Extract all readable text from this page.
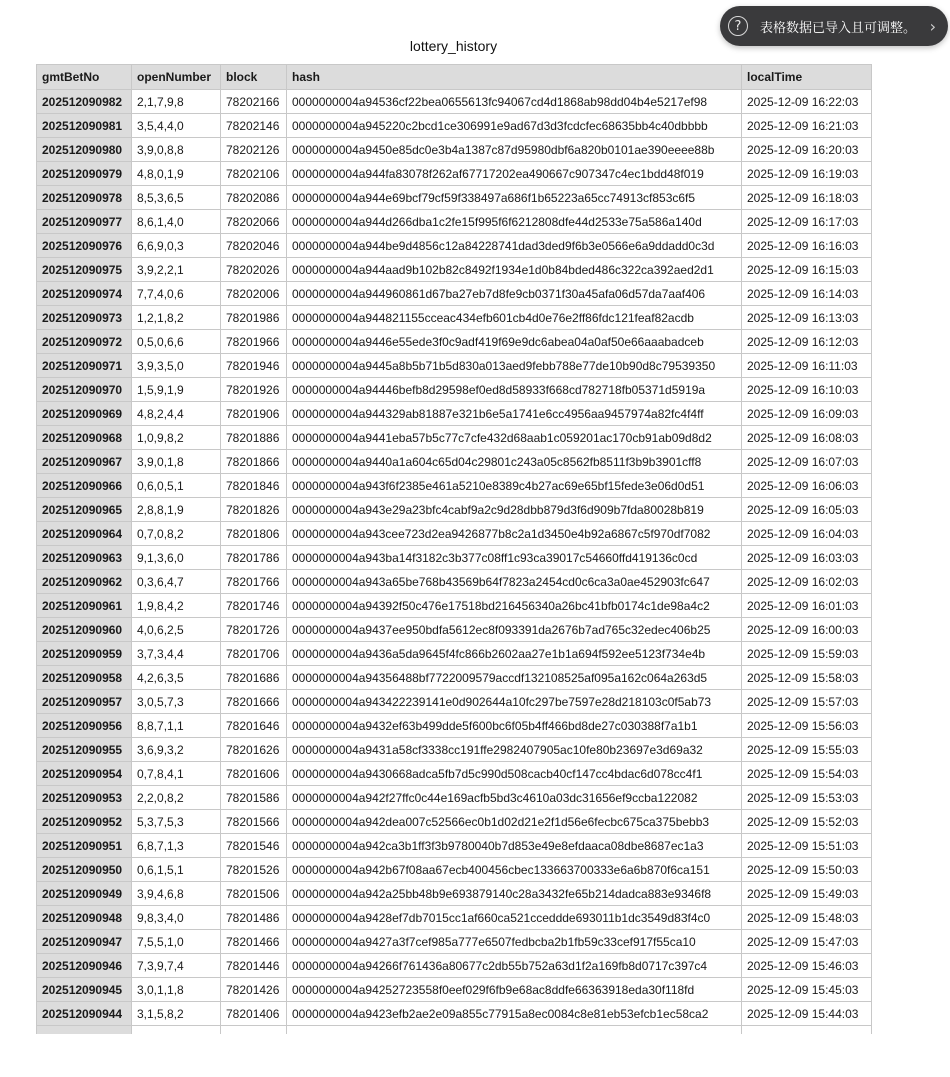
lottery_history
?	表格数据已导入且可调整。 ›
gmtBetNo	openNumber	block	hash	localTime
202512090982	2,1,7,9,8	78202166	0000000004a94536cf22bea0655613fc94067cd4d1868ab98dd04b4e5217ef98	2025-12-09 16:22:03
202512090981	3,5,4,4,0	78202146	0000000004a945220c2bcd1ce306991e9ad67d3d3fcdcfec68635bb4c40dbbbb	2025-12-09 16:21:03
202512090980	3,9,0,8,8	78202126	0000000004a9450e85dc0e3b4a1387c87d95980dbf6a820b0101ae390eeee88b	2025-12-09 16:20:03
202512090979	4,8,0,1,9	78202106	0000000004a944fa83078f262af67717202ea490667c907347c4ec1bdd48f019	2025-12-09 16:19:03
202512090978	8,5,3,6,5	78202086	0000000004a944e69bcf79cf59f338497a686f1b65223a65cc74913cf853c6f5	2025-12-09 16:18:03
202512090977	8,6,1,4,0	78202066	0000000004a944d266dba1c2fe15f995f6f6212808dfe44d2533e75a586a140d	2025-12-09 16:17:03
202512090976	6,6,9,0,3	78202046	0000000004a944be9d4856c12a84228741dad3ded9f6b3e0566e6a9ddadd0c3d	2025-12-09 16:16:03
202512090975	3,9,2,2,1	78202026	0000000004a944aad9b102b82c8492f1934e1d0b84bded486c322ca392aed2d1	2025-12-09 16:15:03
202512090974	7,7,4,0,6	78202006	0000000004a944960861d67ba27eb7d8fe9cb0371f30a45afa06d57da7aaf406	2025-12-09 16:14:03
202512090973	1,2,1,8,2	78201986	0000000004a944821155cceac434efb601cb4d0e76e2ff86fdc121feaf82acdb	2025-12-09 16:13:03
202512090972	0,5,0,6,6	78201966	0000000004a9446e55ede3f0c9adf419f69e9dc6abea04a0af50e66aaabadceb	2025-12-09 16:12:03
202512090971	3,9,3,5,0	78201946	0000000004a9445a8b5b71b5d830a013aed9febb788e77de10b90d8c79539350	2025-12-09 16:11:03
202512090970	1,5,9,1,9	78201926	0000000004a94446befb8d29598ef0ed8d58933f668cd782718fb05371d5919a	2025-12-09 16:10:03
202512090969	4,8,2,4,4	78201906	0000000004a944329ab81887e321b6e5a1741e6cc4956aa9457974a82fc4f4ff	2025-12-09 16:09:03
202512090968	1,0,9,8,2	78201886	0000000004a9441eba57b5c77c7cfe432d68aab1c059201ac170cb91ab09d8d2	2025-12-09 16:08:03
202512090967	3,9,0,1,8	78201866	0000000004a9440a1a604c65d04c29801c243a05c8562fb8511f3b9b3901cff8	2025-12-09 16:07:03
202512090966	0,6,0,5,1	78201846	0000000004a943f6f2385e461a5210e8389c4b27ac69e65bf15fede3e06d0d51	2025-12-09 16:06:03
202512090965	2,8,8,1,9	78201826	0000000004a943e29a23bfc4cabf9a2c9d28dbb879d3f6d909b7fda80028b819	2025-12-09 16:05:03
202512090964	0,7,0,8,2	78201806	0000000004a943cee723d2ea9426877b8c2a1d3450e4b92a6867c5f970df7082	2025-12-09 16:04:03
202512090963	9,1,3,6,0	78201786	0000000004a943ba14f3182c3b377c08ff1c93ca39017c54660ffd419136c0cd	2025-12-09 16:03:03
202512090962	0,3,6,4,7	78201766	0000000004a943a65be768b43569b64f7823a2454cd0c6ca3a0ae452903fc647	2025-12-09 16:02:03
202512090961	1,9,8,4,2	78201746	0000000004a94392f50c476e17518bd216456340a26bc41bfb0174c1de98a4c2	2025-12-09 16:01:03
202512090960	4,0,6,2,5	78201726	0000000004a9437ee950bdfa5612ec8f093391da2676b7ad765c32edec406b25	2025-12-09 16:00:03
202512090959	3,7,3,4,4	78201706	0000000004a9436a5da9645f4fc866b2602aa27e1b1a694f592ee5123f734e4b	2025-12-09 15:59:03
202512090958	4,2,6,3,5	78201686	0000000004a94356488bf7722009579accdf132108525af095a162c064a263d5	2025-12-09 15:58:03
202512090957	3,0,5,7,3	78201666	0000000004a943422239141e0d902644a10fc297be7597e28d218103c0f5ab73	2025-12-09 15:57:03
202512090956	8,8,7,1,1	78201646	0000000004a9432ef63b499dde5f600bc6f05b4ff466bd8de27c030388f7a1b1	2025-12-09 15:56:03
202512090955	3,6,9,3,2	78201626	0000000004a9431a58cf3338cc191ffe2982407905ac10fe80b23697e3d69a32	2025-12-09 15:55:03
202512090954	0,7,8,4,1	78201606	0000000004a9430668adca5fb7d5c990d508cacb40cf147cc4bdac6d078cc4f1	2025-12-09 15:54:03
202512090953	2,2,0,8,2	78201586	0000000004a942f27ffc0c44e169acfb5bd3c4610a03dc31656ef9ccba122082	2025-12-09 15:53:03
202512090952	5,3,7,5,3	78201566	0000000004a942dea007c52566ec0b1d02d21e2f1d56e6fecbc675ca375bebb3	2025-12-09 15:52:03
202512090951	6,8,7,1,3	78201546	0000000004a942ca3b1ff3f3b9780040b7d853e49e8efdaaca08dbe8687ec1a3	2025-12-09 15:51:03
202512090950	0,6,1,5,1	78201526	0000000004a942b67f08aa67ecb400456cbec133663700333e6a6b870f6ca151	2025-12-09 15:50:03
202512090949	3,9,4,6,8	78201506	0000000004a942a25bb48b9e693879140c28a3432fe65b214dadca883e9346f8	2025-12-09 15:49:03
202512090948	9,8,3,4,0	78201486	0000000004a9428ef7db7015cc1af660ca521cceddde693011b1dc3549d83f4c0	2025-12-09 15:48:03
202512090947	7,5,5,1,0	78201466	0000000004a9427a3f7cef985a777e6507fedbcba2b1fb59c33cef917f55ca10	2025-12-09 15:47:03
202512090946	7,3,9,7,4	78201446	0000000004a94266f761436a80677c2db55b752a63d1f2a169fb8d0717c397c4	2025-12-09 15:46:03
202512090945	3,0,1,1,8	78201426	0000000004a94252723558f0eef029f6fb9e68ac8ddfe66363918eda30f118fd	2025-12-09 15:45:03
202512090944	3,1,5,8,2	78201406	0000000004a9423efb2ae2e09a855c77915a8ec0084c8e81eb53efcb1ec58ca2	2025-12-09 15:44:03
